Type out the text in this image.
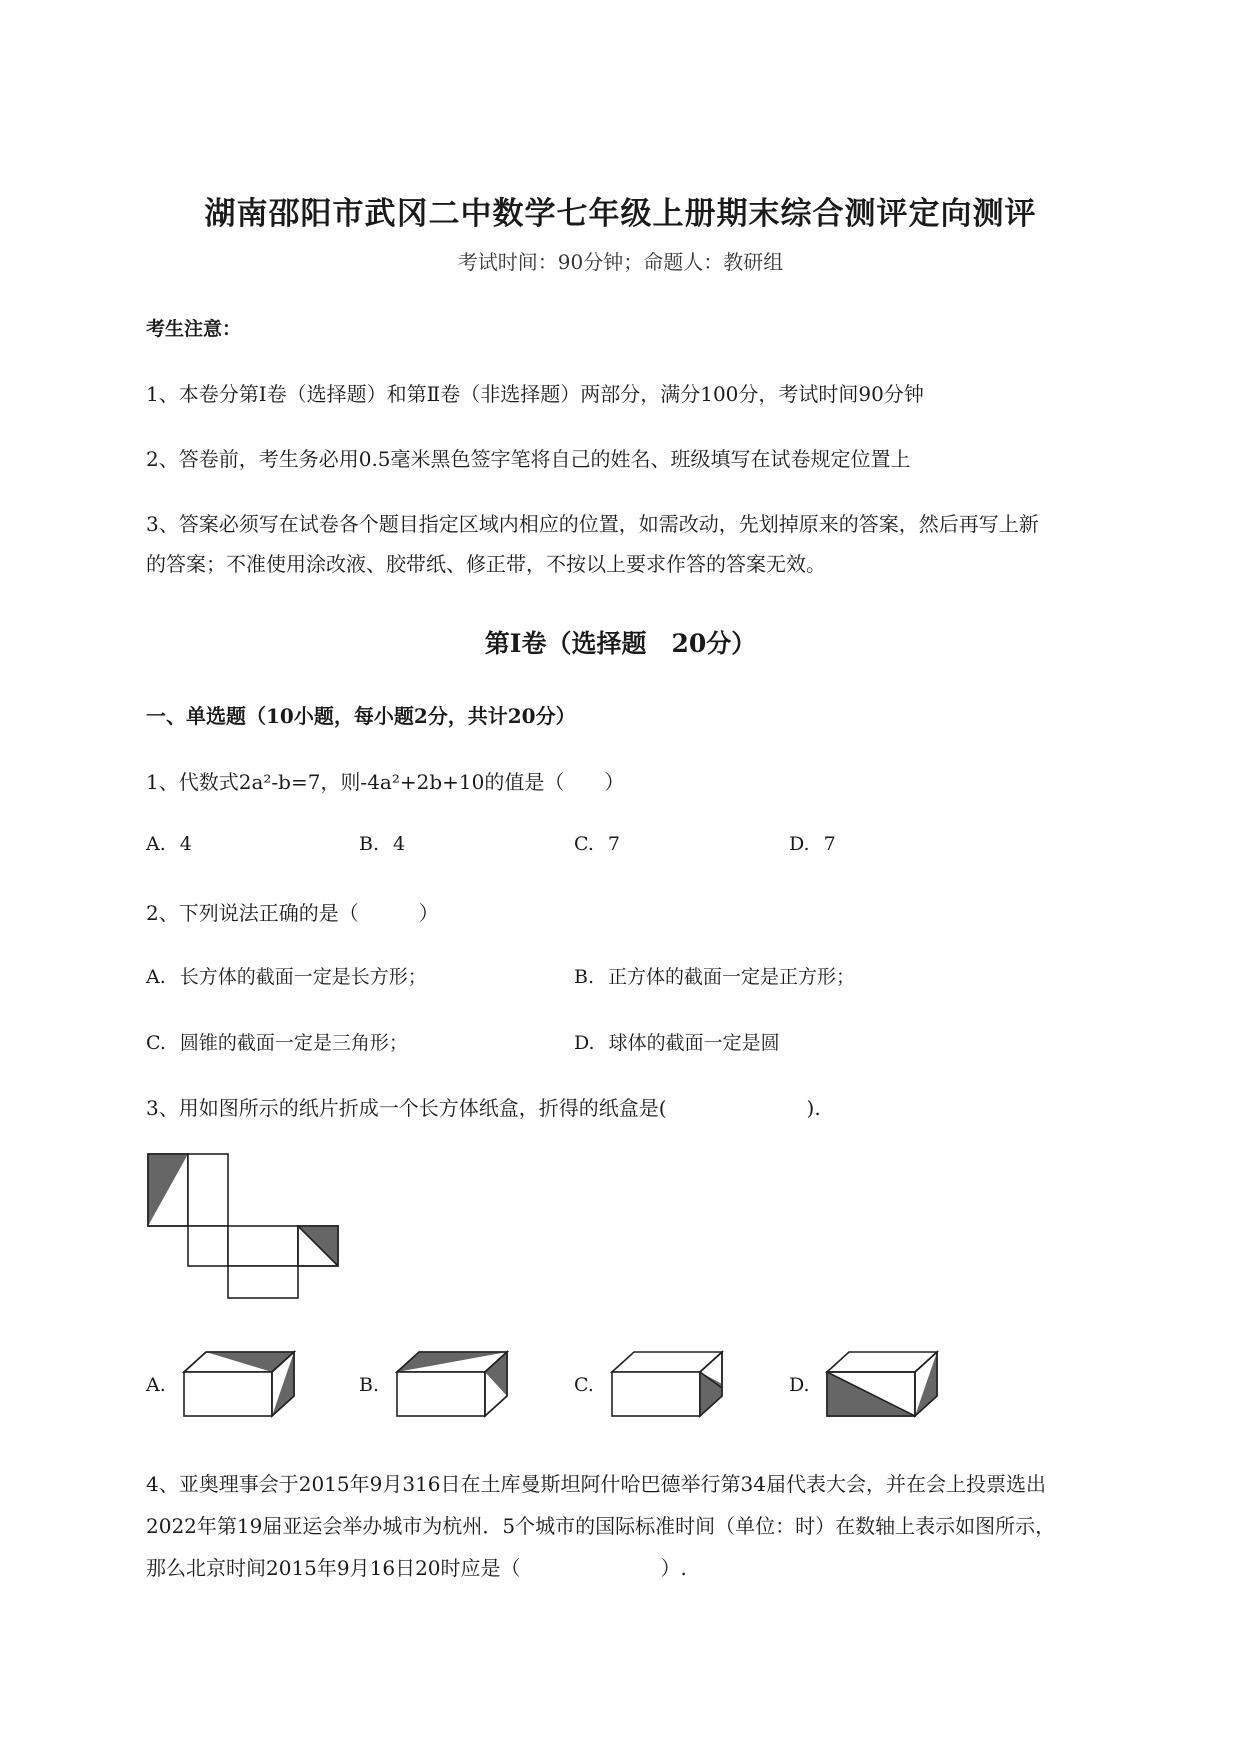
湖南邵阳市武冈二中数学七年级上册期末综合测评定向测评
考试时间：90分钟；命题人：教研组
考生注意：
1、本卷分第Ⅰ卷（选择题）和第Ⅱ卷（非选择题）两部分，满分100分，考试时间90分钟
2、答卷前，考生务必用0.5毫米黑色签字笔将自己的姓名、班级填写在试卷规定位置上
3、答案必须写在试卷各个题目指定区域内相应的位置，如需改动，先划掉原来的答案，然后再写上新
的答案；不准使用涂改液、胶带纸、修正带，不按以上要求作答的答案无效。
第Ⅰ卷（选择题　20分）
一、单选题（10小题，每小题2分，共计20分）
1、代数式2a²-b=7，则-4a²+2b+10的值是（　　）
A. 4	B. 4	C. 7	D. 7
2、下列说法正确的是（　　　）
A. 长方体的截面一定是长方形；	B. 正方体的截面一定是正方形；
C. 圆锥的截面一定是三角形；	D. 球体的截面一定是圆
3、用如图所示的纸片折成一个长方体纸盒，折得的纸盒是(　　　　　　　).
A.	B.	C.	D.
4、亚奥理事会于2015年9月316日在土库曼斯坦阿什哈巴德举行第34届代表大会，并在会上投票选出
2022年第19届亚运会举办城市为杭州．5个城市的国际标准时间（单位：时）在数轴上表示如图所示，
那么北京时间2015年9月16日20时应是（　　　　　　　）.
